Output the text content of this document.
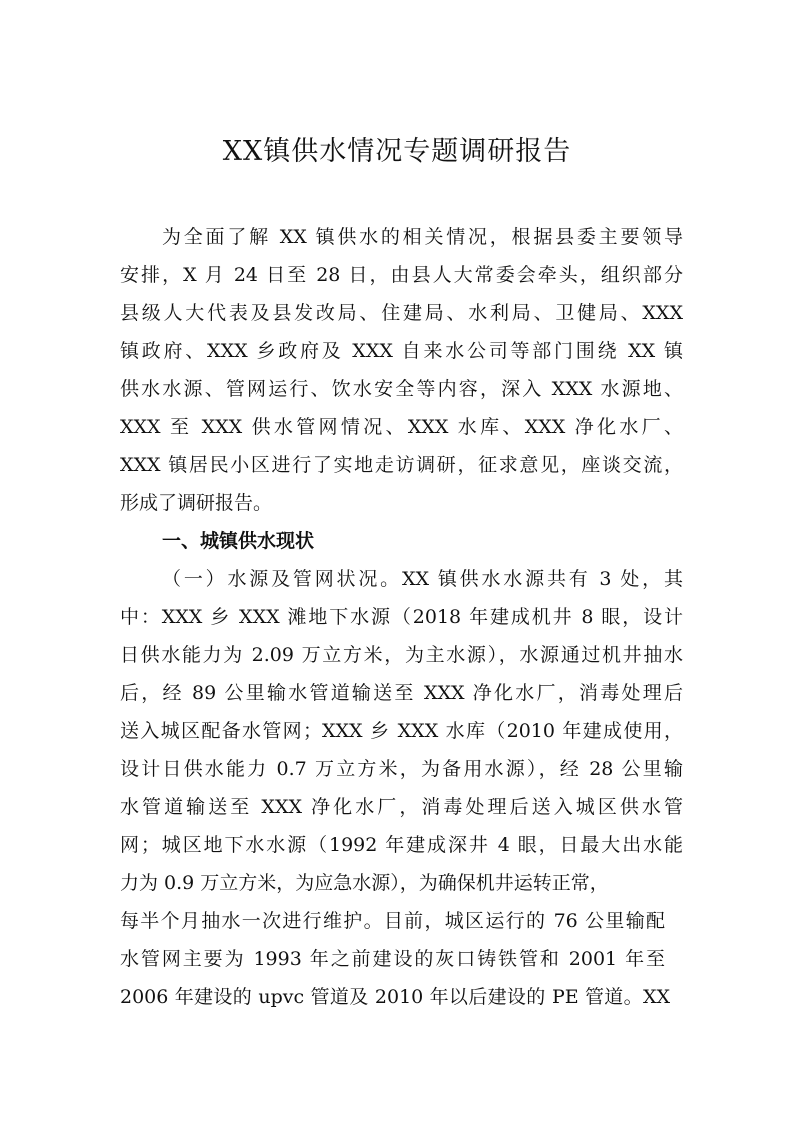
XX镇供水情况专题调研报告
为全面了解 XX 镇供水的相关情况，根据县委主要领导
安排，X 月 24 日至 28 日，由县人大常委会牵头，组织部分
县级人大代表及县发改局、住建局、水利局、卫健局、XXX
镇政府、XXX 乡政府及 XXX 自来水公司等部门围绕 XX 镇
供水水源、管网运行、饮水安全等内容，深入 XXX 水源地、
XXX 至 XXX 供水管网情况、XXX 水库、XXX 净化水厂、
XXX 镇居民小区进行了实地走访调研，征求意见，座谈交流，
形成了调研报告。
一、城镇供水现状
（一）水源及管网状况。XX 镇供水水源共有 3 处，其
中：XXX 乡 XXX 滩地下水源（2018 年建成机井 8 眼，设计
日供水能力为 2.09 万立方米，为主水源），水源通过机井抽水
后，经 89 公里输水管道输送至 XXX 净化水厂，消毒处理后
送入城区配备水管网；XXX 乡 XXX 水库（2010 年建成使用，
设计日供水能力 0.7 万立方米，为备用水源），经 28 公里输
水管道输送至 XXX 净化水厂，消毒处理后送入城区供水管
网；城区地下水水源（1992 年建成深井 4 眼，日最大出水能
力为 0.9 万立方米，为应急水源），为确保机井运转正常，
每半个月抽水一次进行维护。目前，城区运行的 76 公里输配
水管网主要为 1993 年之前建设的灰口铸铁管和 2001 年至
2006 年建设的 upvc 管道及 2010 年以后建设的 PE 管道。XX
